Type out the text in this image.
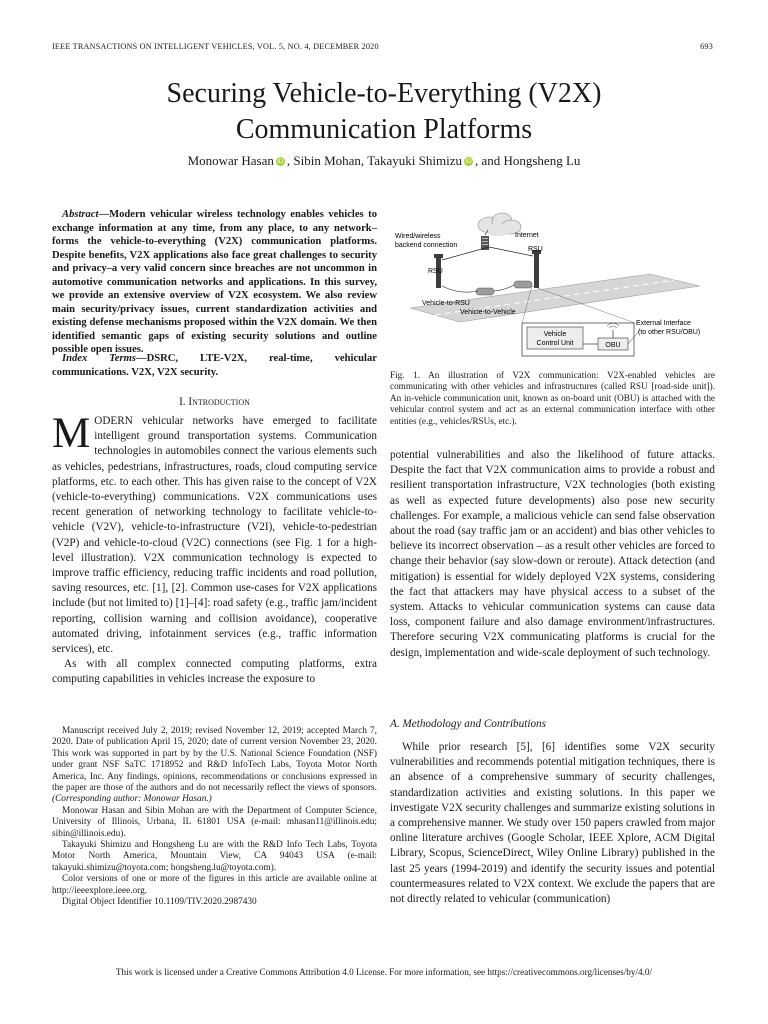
IEEE TRANSACTIONS ON INTELLIGENT VEHICLES, VOL. 5, NO. 4, DECEMBER 2020	693
Securing Vehicle-to-Everything (V2X)
Communication Platforms
Monowar Hasan iD , Sibin Mohan, Takayuki Shimizu iD , and Hongsheng Lu
Abstract—Modern vehicular wireless technology enables vehicles to exchange information at any time, from any place, to any network–forms the vehicle-to-everything (V2X) communication platforms. Despite benefits, V2X applications also face great challenges to security and privacy–a very valid concern since breaches are not uncommon in automotive communication networks and applications. In this survey, we provide an extensive overview of V2X ecosystem. We also review main security/privacy issues, current standardization activities and existing defense mechanisms proposed within the V2X domain. We then identified semantic gaps of existing security solutions and outline possible open issues.
Index Terms—DSRC, LTE-V2X, real-time, vehicular communications. V2X, V2X security.
I. Introduction

MODERN vehicular networks have emerged to facilitate intelligent ground transportation systems. Communication technologies in automobiles connect the various elements such as vehicles, pedestrians, infrastructures, roads, cloud computing service platforms, etc. to each other. This has given raise to the concept of V2X (vehicle-to-everything) communications. V2X communications uses recent generation of networking technology to facilitate vehicle-to-vehicle (V2V), vehicle-to-infrastructure (V2I), vehicle-to-pedestrian (V2P) and vehicle-to-cloud (V2C) connections (see Fig. 1 for a high-level illustration). V2X communication technology is expected to improve traffic efficiency, reducing traffic incidents and road pollution, saving resources, etc. [1], [2]. Common use-cases for V2X applications include (but not limited to) [1]–[4]: road safety (e.g., traffic jam/incident reporting, collision warning and collision avoidance), cooperative automated driving, infotainment services (e.g., traffic information services), etc.

As with all complex connected computing platforms, extra computing capabilities in vehicles increase the exposure to

Manuscript received July 2, 2019; revised November 12, 2019; accepted March 7, 2020. Date of publication April 15, 2020; date of current version November 23, 2020. This work was supported in part by by the U.S. National Science Foundation (NSF) under grant NSF SaTC 1718952 and R&D InfoTech Labs, Toyota Motor North America, Inc. Any findings, opinions, recommendations or conclusions expressed in the paper are those of the authors and do not necessarily reflect the views of sponsors. (Corresponding author: Monowar Hasan.)

Monowar Hasan and Sibin Mohan are with the Department of Computer Science, University of Illinois, Urbana, IL 61801 USA (e-mail: mhasan11@illinois.edu; sibin@illinois.edu).

Takayuki Shimizu and Hongsheng Lu are with the R&D Info Tech Labs, Toyota Motor North America, Mountain View, CA 94043 USA (e-mail: takayuki.shimizu@toyota.com; hongsheng.lu@toyota.com).

Color versions of one or more of the figures in this article are available online at http://ieeexplore.ieee.org.

Digital Object Identifier 10.1109/TIV.2020.2987430

Internet
Wired/wireless
backend connection
RSU
RSU
Vehicle-to-RSU
Vehicle-to-Vehicle
Vehicle
Control Unit	OBU
External Interface
(to other RSU/OBU)
Fig. 1. An illustration of V2X communication: V2X-enabled vehicles are communicating with other vehicles and infrastructures (called RSU [road-side unit]). An in-vehicle communication unit, known as on-board unit (OBU) is attached with the vehicular control system and act as an external communication interface with other entities (e.g., vehicles/RSUs, etc.).

potential vulnerabilities and also the likelihood of future attacks. Despite the fact that V2X communication aims to provide a robust and resilient transportation infrastructure, V2X technologies (both existing as well as expected future developments) also pose new security challenges. For example, a malicious vehicle can send false observation about the road (say traffic jam or an accident) and bias other vehicles to believe its incorrect observation – as a result other vehicles are forced to change their behavior (say slow-down or reroute). Attack detection (and mitigation) is essential for widely deployed V2X systems, considering the fact that attackers may have physical access to a subset of the system. Attacks to vehicular communication systems can cause data loss, component failure and also damage environment/infrastructures. Therefore securing V2X communicating platforms is crucial for the design, implementation and wide-scale deployment of such technology.

A. Methodology and Contributions

While prior research [5], [6] identifies some V2X security vulnerabilities and recommends potential mitigation techniques, there is an absence of a comprehensive summary of security challenges, standardization activities and existing solutions. In this paper we investigate V2X security challenges and summarize existing solutions in a comprehensive manner. We study over 150 papers crawled from major online literature archives (Google Scholar, IEEE Xplore, ACM Digital Library, Scopus, ScienceDirect, Wiley Online Library) published in the last 25 years (1994-2019) and identify the security issues and potential countermeasures related to V2X context. We exclude the papers that are not directly related to vehicular (communication)

This work is licensed under a Creative Commons Attribution 4.0 License. For more information, see https://creativecommons.org/licenses/by/4.0/
